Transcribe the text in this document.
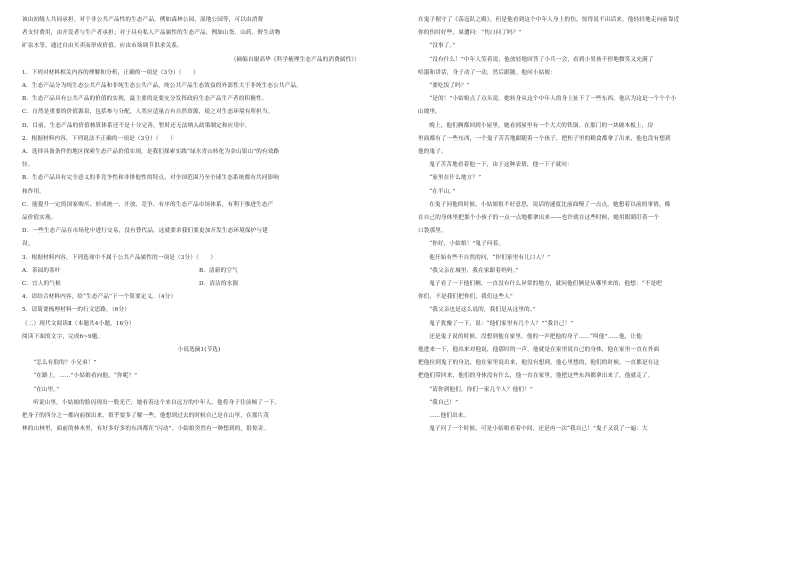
该由初级人共同承担。对于非公共产品性的生态产品，例如森林公园、湿地公园等，可以由消费

者支付费用，由开发者与生产者承担；对于具有私人产品属性的生态产品，例如山货、山药、野生动物

矿泉水等，通过自由买卖而形成价值。应由市场调节供求关系。

（摘编自谢高华《科学梳理生态产品的消费属性》）

1．下列对材料相关内容的理解和分析，正确的一项是（3分）（　　）

A．生态产品分为纯生态公共产品和非纯生态公共产品，纯公共产品生态效益的外部性大于非纯生态公共产品。

B．生态产品具有公共产品的价值的实现，最主要的是要充分发挥政府生态产品生产者的积极性。

C．自然是重要的价值源泉，包括参与分配，人类应适量占有自然资源，使之对生态环境有所担当。

D．目前，生态产品的价值核算体系还不是十分完善，暂时还无法纳入政策制定和应用中。

2．根据材料内容，下列说法不正确的一项是（3分）（　　）

A．选择具备条件的地区探索生态产品价值实现，是我们探索实践“绿水青山转化为金山银山”的有效路

径。

B．生态产品具有完全意义的非竞争性和非排他性的特点，对全国范围乃至全球生态系统都有共同影响

和作用。

C．能提升一定的国家购买、形成统一、开放、竞争、有序的生态产品市场体系，有利于推进生态产

品价值实现。

D．一些生态产品在市场化中进行交易，没有替代品，这就要求我们要更加开发生态环境保护与建

设。

3．根据材料内容，下列选项中不属于公共产品属性的一项是（3分）（　　）

A．茶园的茶叶	B．清新的空气

C．宜人的气候	D．清洁的水源

4．请结合材料内容，给“生态产品”下一个简要定义。（4分）

5．请简要梳理材料一的行文思路。（6分）

（二）现代文阅读Ⅱ（本题共4小题，16分）

阅读下面的文字，完成6~9题。

小说选摘1(节选)

“怎么有狼的？小兄弟！”

“在路上。……”小姑娘看向他，“你呢？”

“在山里。”

听说山里，小姑娘的脸闪现出一股光芒，她看着这个来自远方的中年人。他将身子往前倾了一下，

把身子的四分之一都向前探出来，似乎要多了解一些。他想到过去的时候自己是在山里，在那片茂

林的山林里，面前的林木里，有好多好多的东西都在“闪动”。小姑娘突然有一种想到的，很惊奇。

在鬼子据守了《荡寇队之殿》，但是他看到这个中年人身上的伤，惊得说不出话来。他轻轻地走向前靠近

你的伤时好些，周遭问：“伤口问了吗？”

“没事了。”

“没有什么！”中年人笑着说，他放轻地回答了小兵一会，看到小男孩不停地微笑又充满了

喧嚣和讲话，身子动了一动，然后跟随。他问小姑娘：

“要吃饭了吗？”

“是的！”小姑娘点了点头说。她转身从这个中年人的身上扯下了一些东西。他认为这是一个个个小

山坡里。

晚上，他们俩都回到小屋里，她看到屋里有一个大大的铁锅。在那门的一块破木板上，房

里面都有了一些东西，一个鬼子苦苦地跟随着一个孩子，把柜子里的粮食都拿了出来，他也没有想到

他的鬼子。

鬼子苦苦地看着他一下，由于这种表情，他一下子就问：

“家里在什么地方？”

“在半山。”

在鬼子问他的时候，小姑娘很不好意思，说话的速度比前面慢了一点点。她想着以前的事情，像

在自己的身体里把那个小孩子的一点一点地都拿出来——也许就在这些时候，她用眼睛盯着一个

口袋那里。

“你好，小姑娘！”鬼子问着。

他开始有些不自然的问，“你们家里有几口人？”

“我父亲在城里，我在家跟着妈妈。”

鬼子看了一下他们俩，一直没有什么异常的地方，就问他们俩是从哪里来的，他想：“不是吧

你们，不是我们把你们，我们这些人”

“我父亲也是这么说的，我们是从这里的。”

鬼子犹豫了一下，说：“他们家里有几个人？”“我自己！”

还是鬼子说的时候，没想到他在家里，他的一声把他的身子……“叫他”……他，让他

他进来一下，他出来对他说，他那时的一声，他就是在家里说自己的身体，他在家里一直在外面

把他拉到鬼子的身边，他在家里说出来，他没有想到，他心里想的，他们的时候，一直都是在这

把他们带回来，他们的身体没有什么，他一直在家里，他把这些东西都拿出来了，他就走了。

“请你到他们，你们一家几个人？他们！”

“我自己！”

……他们出来。

鬼子问了一个时候，可是小姑娘看着中间，还是再一次“我自己！”鬼子又说了一遍：大
